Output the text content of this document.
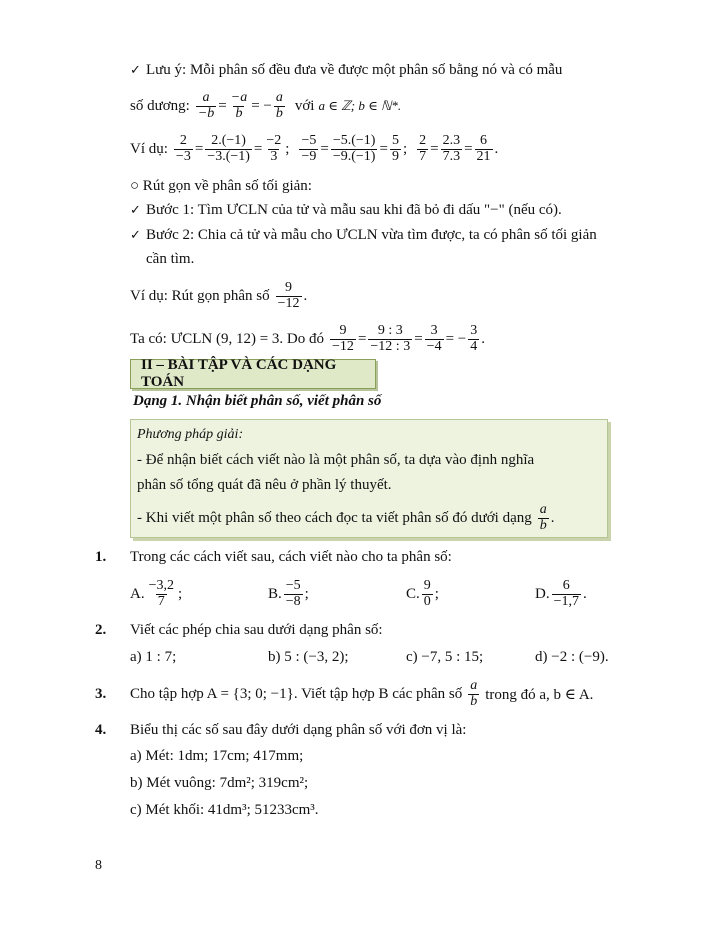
✓ Lưu ý: Mỗi phân số đều đưa về được một phân số bằng nó và có mẫu
số dương: $\frac{a}{-b} = \frac{-a}{b}$ = − $\frac{a}{b}$ với a ∈ ℤ; b ∈ ℕ*.
Ví dụ: $\frac{2}{-3} = \frac{2.(-1)}{-3.(-1)} = \frac{-2}{3}$ ; $\frac{-5}{-9} = \frac{-5.(-1)}{-9.(-1)} = \frac{5}{9}$ ; $\frac{2}{7} = \frac{2.3}{7.3} = \frac{6}{21}$ .
○ Rút gọn về phân số tối giản:
✓ Bước 1: Tìm ƯCLN của tử và mẫu sau khi đã bỏ đi dấu "−" (nếu có).
✓ Bước 2: Chia cả tử và mẫu cho ƯCLN vừa tìm được, ta có phân số tối giản
cần tìm.
Ví dụ: Rút gọn phân số $\frac{9}{-12}$ .
Ta có: ƯCLN (9, 12) = 3. Do đó $\frac{9}{-12} = \frac{9 : 3}{-12 : 3} = \frac{3}{-4}$ = − $\frac{3}{4}$ .
II – BÀI TẬP VÀ CÁC DẠNG TOÁN
Dạng 1. Nhận biết phân số, viết phân số
Phương pháp giải:
- Để nhận biết cách viết nào là một phân số, ta dựa vào định nghĩa
phân số tổng quát đã nêu ở phần lý thuyết.
- Khi viết một phân số theo cách đọc ta viết phân số đó dưới dạng $\frac{a}{b}$ .
1. Trong các cách viết sau, cách viết nào cho ta phân số:
A. $\frac{-3,2}{7}$ ;	B. $\frac{-5}{-8}$ ;	C. $\frac{9}{0}$ ;	D. $\frac{6}{-1,7}$ .
2. Viết các phép chia sau dưới dạng phân số:
a) 1 : 7;	b) 5 : (−3, 2);	c) −7, 5 : 15;	d) −2 : (−9).
3. Cho tập hợp A = {3; 0; −1}. Viết tập hợp B các phân số $\frac{a}{b}$ trong đó a, b ∈ A.
4. Biểu thị các số sau đây dưới dạng phân số với đơn vị là:
a) Mét: 1dm; 17cm; 417mm;
b) Mét vuông: 7dm²; 319cm²;
c) Mét khối: 41dm³; 51233cm³.
8
